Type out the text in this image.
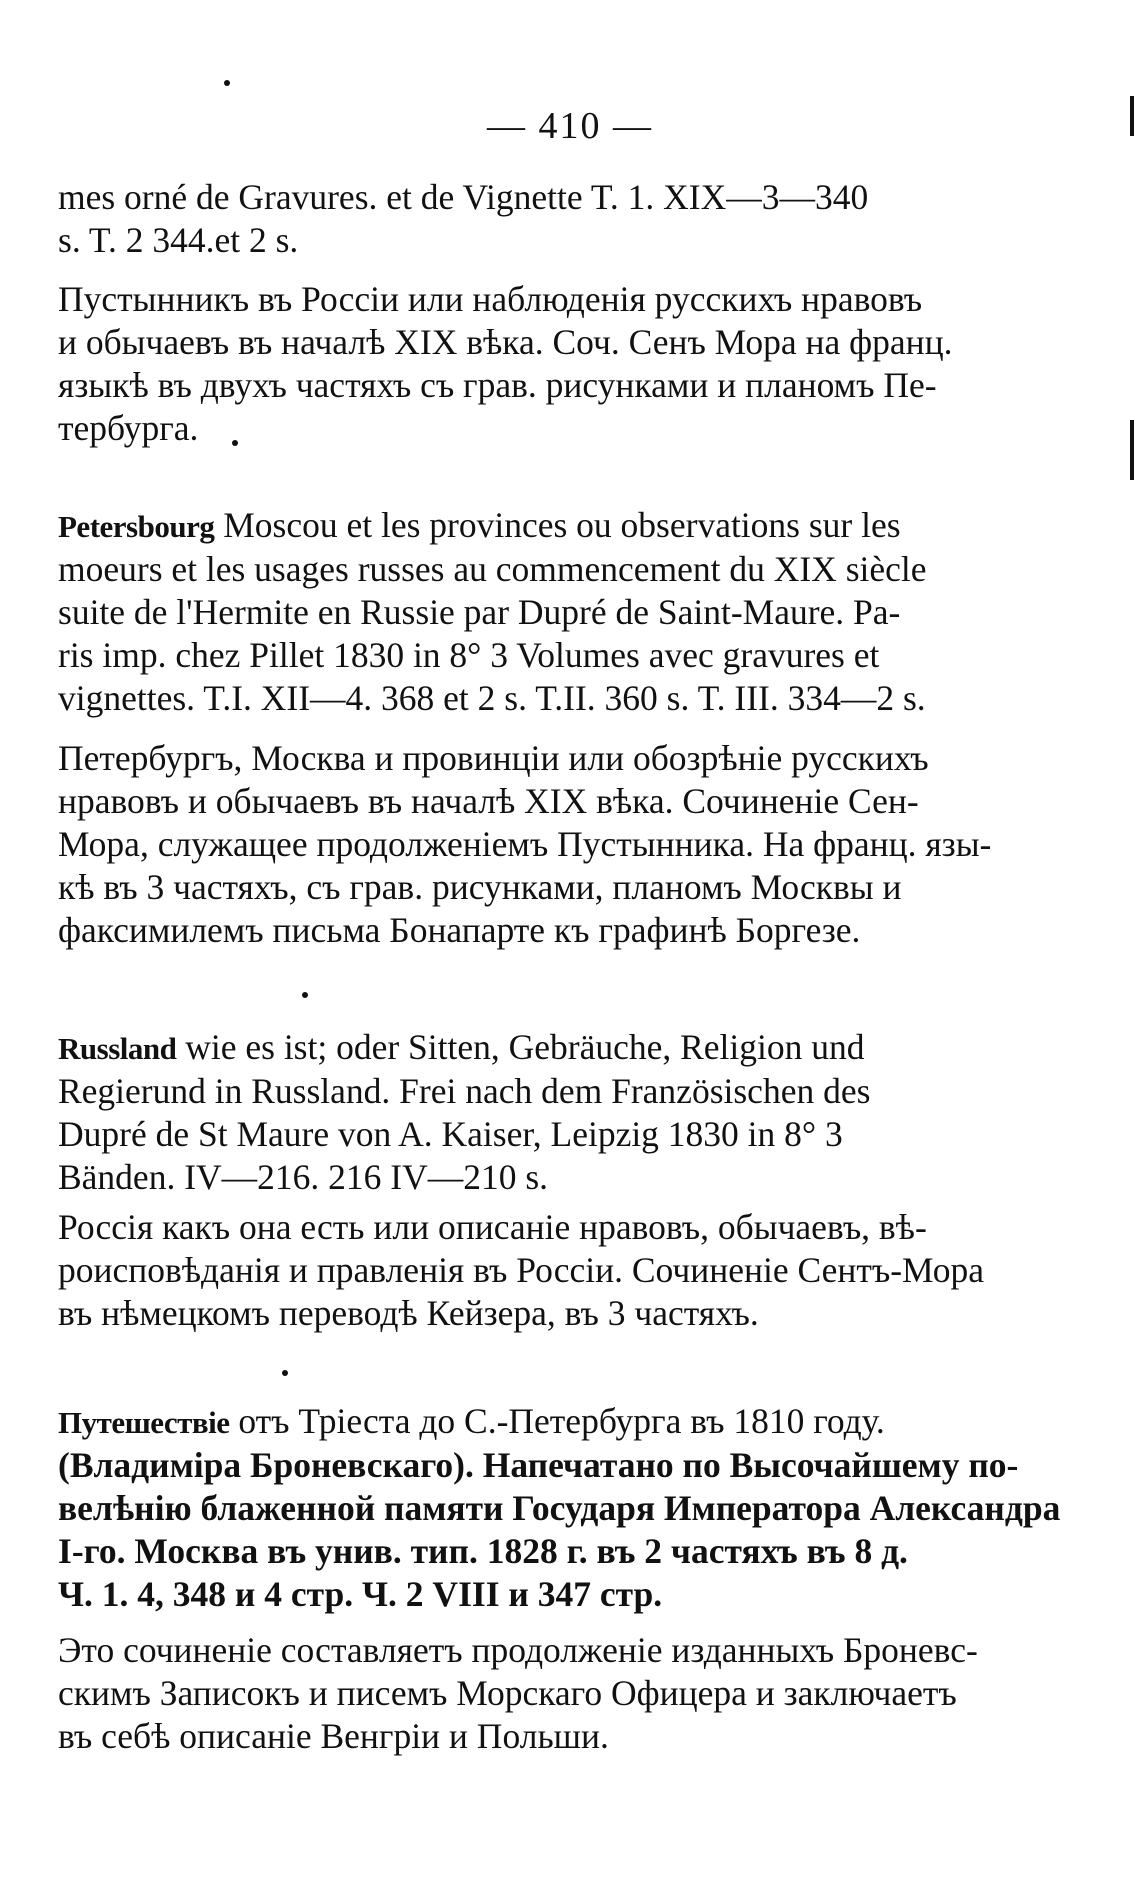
— 410 —
mes orné de Gravures. et de Vignette T. 1. XIX—3—340
s. T. 2 344.et 2 s.
Пустынникъ въ Россіи или наблюденія русскихъ нравовъ
и обычаевъ въ началѣ XIX вѣка. Соч. Сенъ Мора на франц.
языкѣ въ двухъ частяхъ съ грав. рисунками и планомъ Пе-
тербурга.
Petersbourg Moscou et les provinces ou observations sur les
moeurs et les usages russes au commencement du XIX siècle
suite de l'Hermite en Russie par Dupré de Saint-Maure. Pa-
ris imp. chez Pillet 1830 in 8° 3 Volumes avec gravures et
vignettes. T.I. XII—4. 368 et 2 s. T.II. 360 s. T. III. 334—2 s.
Петербургъ, Москва и провинціи или обозрѣніе русскихъ
нравовъ и обычаевъ въ началѣ XIX вѣка. Сочиненіе Сен-
Мора, служащее продолженіемъ Пустынника. На франц. язы-
кѣ въ 3 частяхъ, съ грав. рисунками, планомъ Москвы и
факсимилемъ письма Бонапарте къ графинѣ Боргезе.
Russland wie es ist; oder Sitten, Gebräuche, Religion und
Regierund in Russland. Frei nach dem Französischen des
Dupré de St Maure von A. Kaiser, Leipzig 1830 in 8° 3
Bänden. IV—216. 216 IV—210 s.
Россія какъ она есть или описаніе нравовъ, обычаевъ, вѣ-
роисповѣданія и правленія въ Россіи. Сочиненіе Сентъ-Мора
въ нѣмецкомъ переводѣ Кейзера, въ 3 частяхъ.
Путешествіе отъ Тріеста до С.-Петербурга въ 1810 году.
(Владиміра Броневскаго). Напечатано по Высочайшему по-
велѣнію блаженной памяти Государя Императора Александра
I-го. Москва въ унив. тип. 1828 г. въ 2 частяхъ въ 8 д.
Ч. 1. 4, 348 и 4 стр. Ч. 2 VIII и 347 стр.
Это сочиненіе составляетъ продолженіе изданныхъ Броневс-
скимъ Записокъ и писемъ Морскаго Офицера и заключаетъ
въ себѣ описаніе Венгріи и Польши.
